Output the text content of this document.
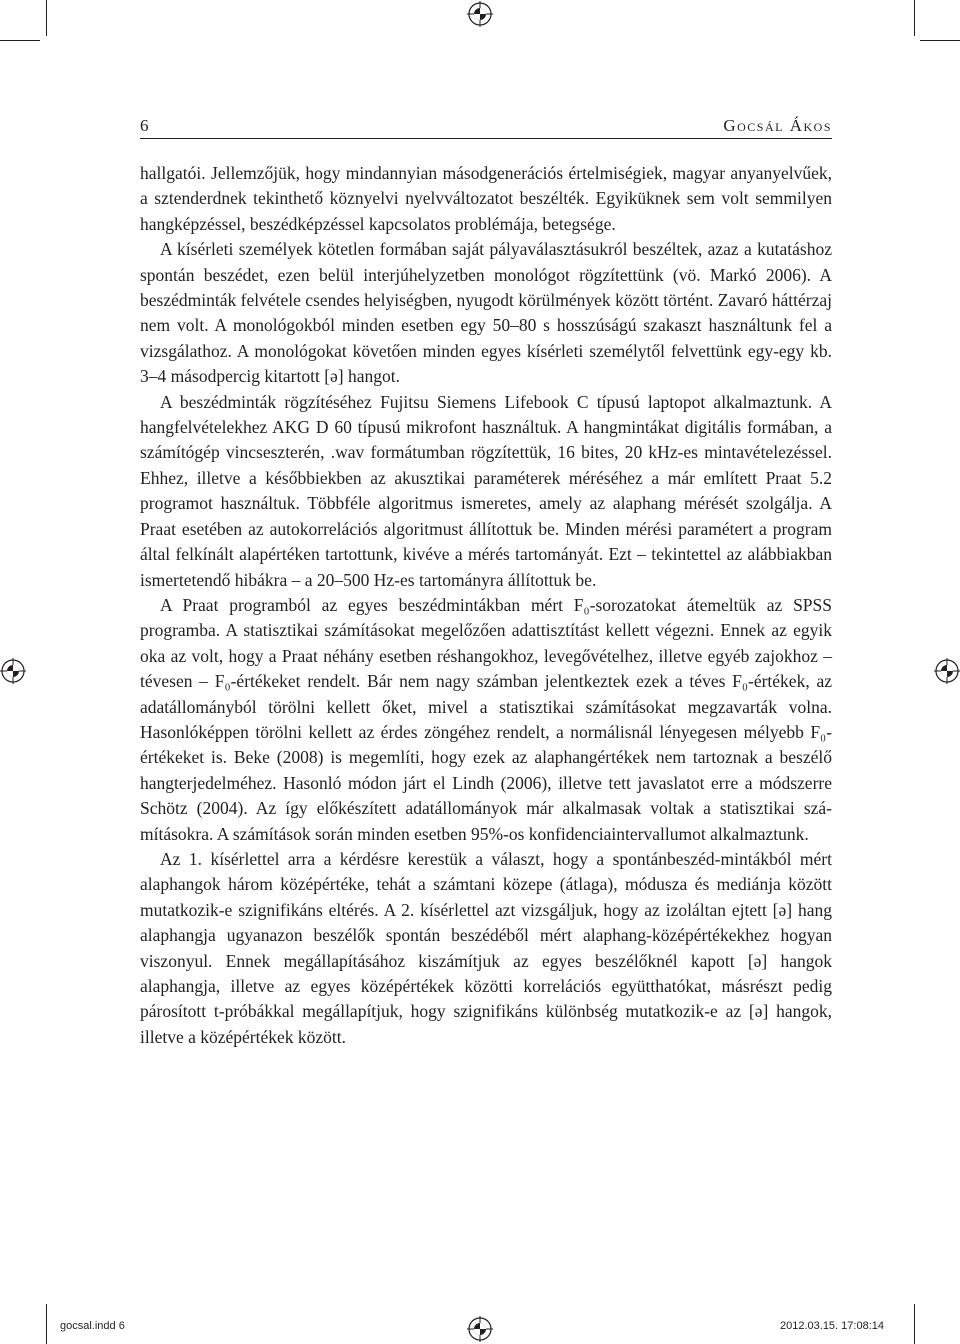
6	Gocsál Ákos

hallgatói. Jellemzőjük, hogy mindannyian másodgenerációs értelmiségiek, magyar anyanyelvűek, a sztenderdnek tekinthető köznyelvi nyelvváltozatot beszélték. Egyiküknek sem volt semmilyen hangképzéssel, beszédképzéssel kapcsolatos problémája, betegsége.

A kísérleti személyek kötetlen formában saját pályaválasztásukról beszéltek, azaz a kutatáshoz spontán beszédet, ezen belül interjúhelyzetben monológot rögzítettünk (vö. Markó 2006). A beszédminták felvétele csendes helyiségben, nyugodt körülmények között történt. Zavaró háttérzaj nem volt. A monológokból minden esetben egy 50–80 s hosszúságú szakaszt használtunk fel a vizsgálathoz. A monológokat követően minden egyes kísérleti személytől felvettünk egy-egy kb. 3–4 másodpercig kitartott [ə] hangot.

A beszédminták rögzítéséhez Fujitsu Siemens Lifebook C típusú laptopot alkalmaztunk. A hangfelvételekhez AKG D 60 típusú mikrofont használtuk. A hangmintákat digitális formában, a számítógép vincseszterén, .wav formátumban rögzítettük, 16 bites, 20 kHz-es mintavételezéssel. Ehhez, illetve a későbbiekben az akusztikai paraméterek méréséhez a már említett Praat 5.2 programot használtuk. Többféle algoritmus ismeretes, amely az alaphang mérését szolgálja. A Praat esetében az autokorrelációs algoritmust állítottuk be. Minden mérési paramétert a program által felkínált alapértéken tartottunk, kivéve a mérés tartományát. Ezt – tekintettel az alábbiakban ismertetendő hibákra – a 20–500 Hz-es tartományra állítottuk be.

A Praat programból az egyes beszédmintákban mért F₀-sorozatokat átemeltük az SPSS programba. A statisztikai számításokat megelőzően adattisztítást kellett végezni. Ennek az egyik oka az volt, hogy a Praat néhány esetben réshangokhoz, levegővételhez, illetve egyéb zajokhoz – tévesen – F₀-értékeket rendelt. Bár nem nagy számban jelentkeztek ezek a téves F₀-értékek, az adatállományból törölni kellett őket, mivel a statisztikai számításokat megzavarták volna. Hasonlóképpen törölni kellett az érdes zöngéhez rendelt, a normálisnál lényegesen mélyebb F₀-értékeket is. Beke (2008) is megemlíti, hogy ezek az alaphangértékek nem tartoznak a beszélő hangterjedelméhez. Hasonló módon járt el Lindh (2006), illetve tett javaslatot erre a módszerre Schötz (2004). Az így előkészített adatállományok már alkalmasak voltak a statisztikai számításokra. A számítások során minden esetben 95%-os konfidenciaintervallumot alkalmaztunk.

Az 1. kísérlettel arra a kérdésre kerestük a választ, hogy a spontánbeszéd-mintákból mért alaphangok három középértéke, tehát a számtani közepe (átlaga), módusza és mediánja között mutatkozik-e szignifikáns eltérés. A 2. kísérlettel azt vizsgáljuk, hogy az izoláltan ejtett [ə] hang alaphangja ugyanazon beszélők spontán beszédéből mért alaphang-középértékekhez hogyan viszonyul. Ennek megállapításához kiszámítjuk az egyes beszélőknél kapott [ə] hangok alaphangja, illetve az egyes középértékek közötti korrelációs együtthatókat, másrészt pedig párosított t-próbákkal megállapítjuk, hogy szignifikáns különbség mutatkozik-e az [ə] hangok, illetve a középértékek között.

gocsal.indd 6	2012.03.15. 17:08:14
